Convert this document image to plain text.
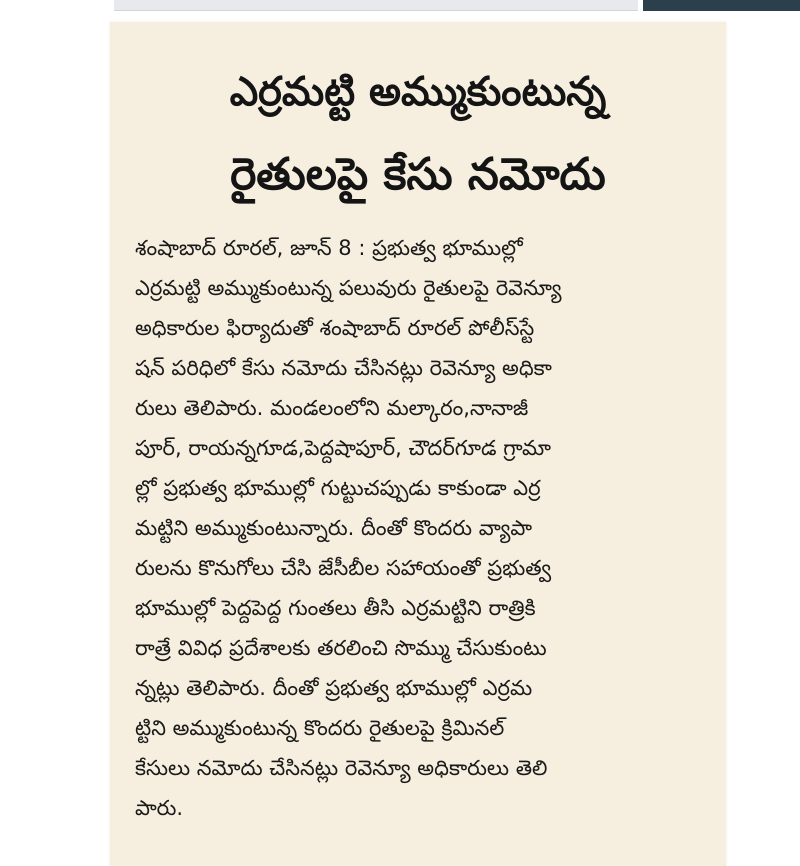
ఎర్రమట్టి అమ్ముకుంటున్న
రైతులపై కేసు నమోదు
శంషాబాద్ రూరల్, జూన్ 8 : ప్రభుత్వ భూముల్లో
ఎర్రమట్టి అమ్ముకుంటున్న పలువురు రైతులపై రెవెన్యూ
అధికారుల ఫిర్యాదుతో శంషాబాద్ రూరల్ పోలీస్‌స్టే
షన్ పరిధిలో కేసు నమోదు చేసినట్లు రెవెన్యూ అధికా
రులు తెలిపారు. మండలంలోని మల్కారం,నానాజీ
పూర్, రాయన్నగూడ,పెద్దషాపూర్, చౌదర్‌గూడ గ్రామా
ల్లో ప్రభుత్వ భూముల్లో గుట్టుచప్పుడు కాకుండా ఎర్ర
మట్టిని అమ్ముకుంటున్నారు. దీంతో కొందరు వ్యాపా
రులను కొనుగోలు చేసి జేసీబీల సహాయంతో ప్రభుత్వ
భూముల్లో పెద్దపెద్ద గుంతలు తీసి ఎర్రమట్టిని రాత్రికి
రాత్రే వివిధ ప్రదేశాలకు తరలించి సొమ్ము చేసుకుంటు
న్నట్లు తెలిపారు. దీంతో ప్రభుత్వ భూముల్లో ఎర్రమ
ట్టిని అమ్ముకుంటున్న కొందరు రైతులపై క్రిమినల్
కేసులు నమోదు చేసినట్లు రెవెన్యూ అధికారులు తెలి
పారు.
